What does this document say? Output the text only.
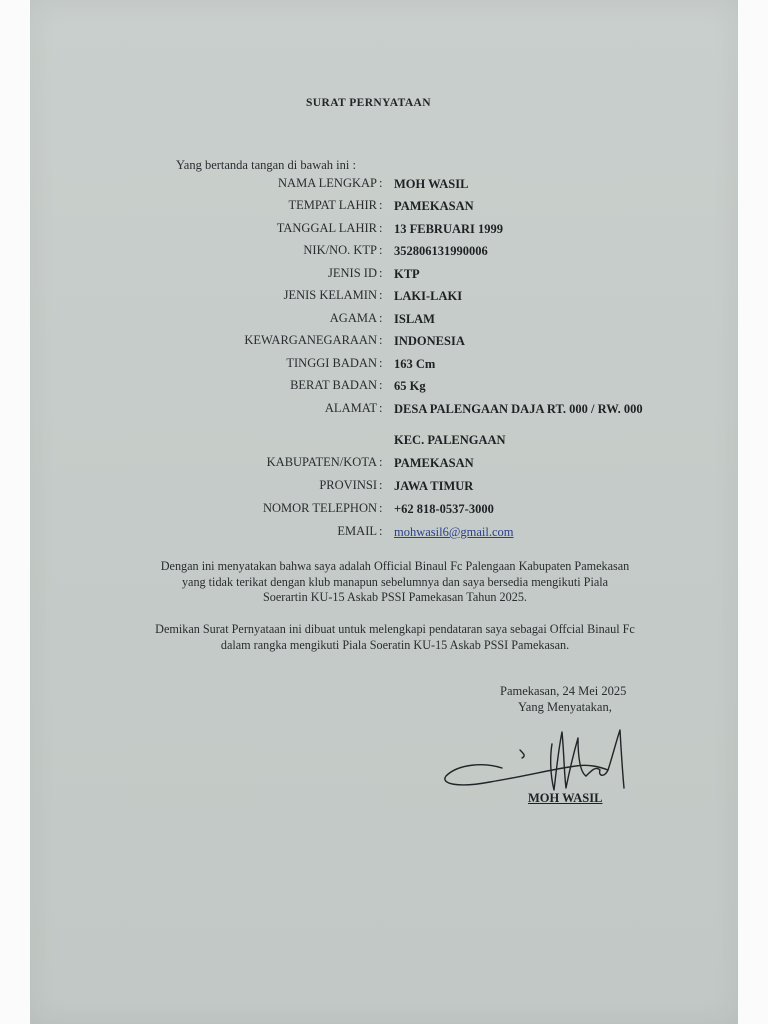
SURAT PERNYATAAN
Yang bertanda tangan di bawah ini :
NAMA LENGKAP : MOH WASIL
TEMPAT LAHIR : PAMEKASAN
TANGGAL LAHIR : 13 FEBRUARI 1999
NIK/NO. KTP : 352806131990006
JENIS ID : KTP
JENIS KELAMIN : LAKI-LAKI
AGAMA : ISLAM
KEWARGANEGARAAN : INDONESIA
TINGGI BADAN : 163 Cm
BERAT BADAN : 65 Kg
ALAMAT : DESA PALENGAAN DAJA RT. 000 / RW. 000
KEC. PALENGAAN
KABUPATEN/KOTA : PAMEKASAN
PROVINSI : JAWA TIMUR
NOMOR TELEPHON : +62 818-0537-3000
EMAIL : mohwasil6@gmail.com
Dengan ini menyatakan bahwa saya adalah Official Binaul Fc Palengaan Kabupaten Pamekasan
yang tidak terikat dengan klub manapun sebelumnya dan saya bersedia mengikuti Piala
Soerartin KU-15 Askab PSSI Pamekasan Tahun 2025.
Demikan Surat Pernyataan ini dibuat untuk melengkapi pendataran saya sebagai Offcial Binaul Fc
dalam rangka mengikuti Piala Soeratin KU-15 Askab PSSI Pamekasan.
Pamekasan, 24 Mei 2025
Yang Menyatakan,
MOH WASIL
